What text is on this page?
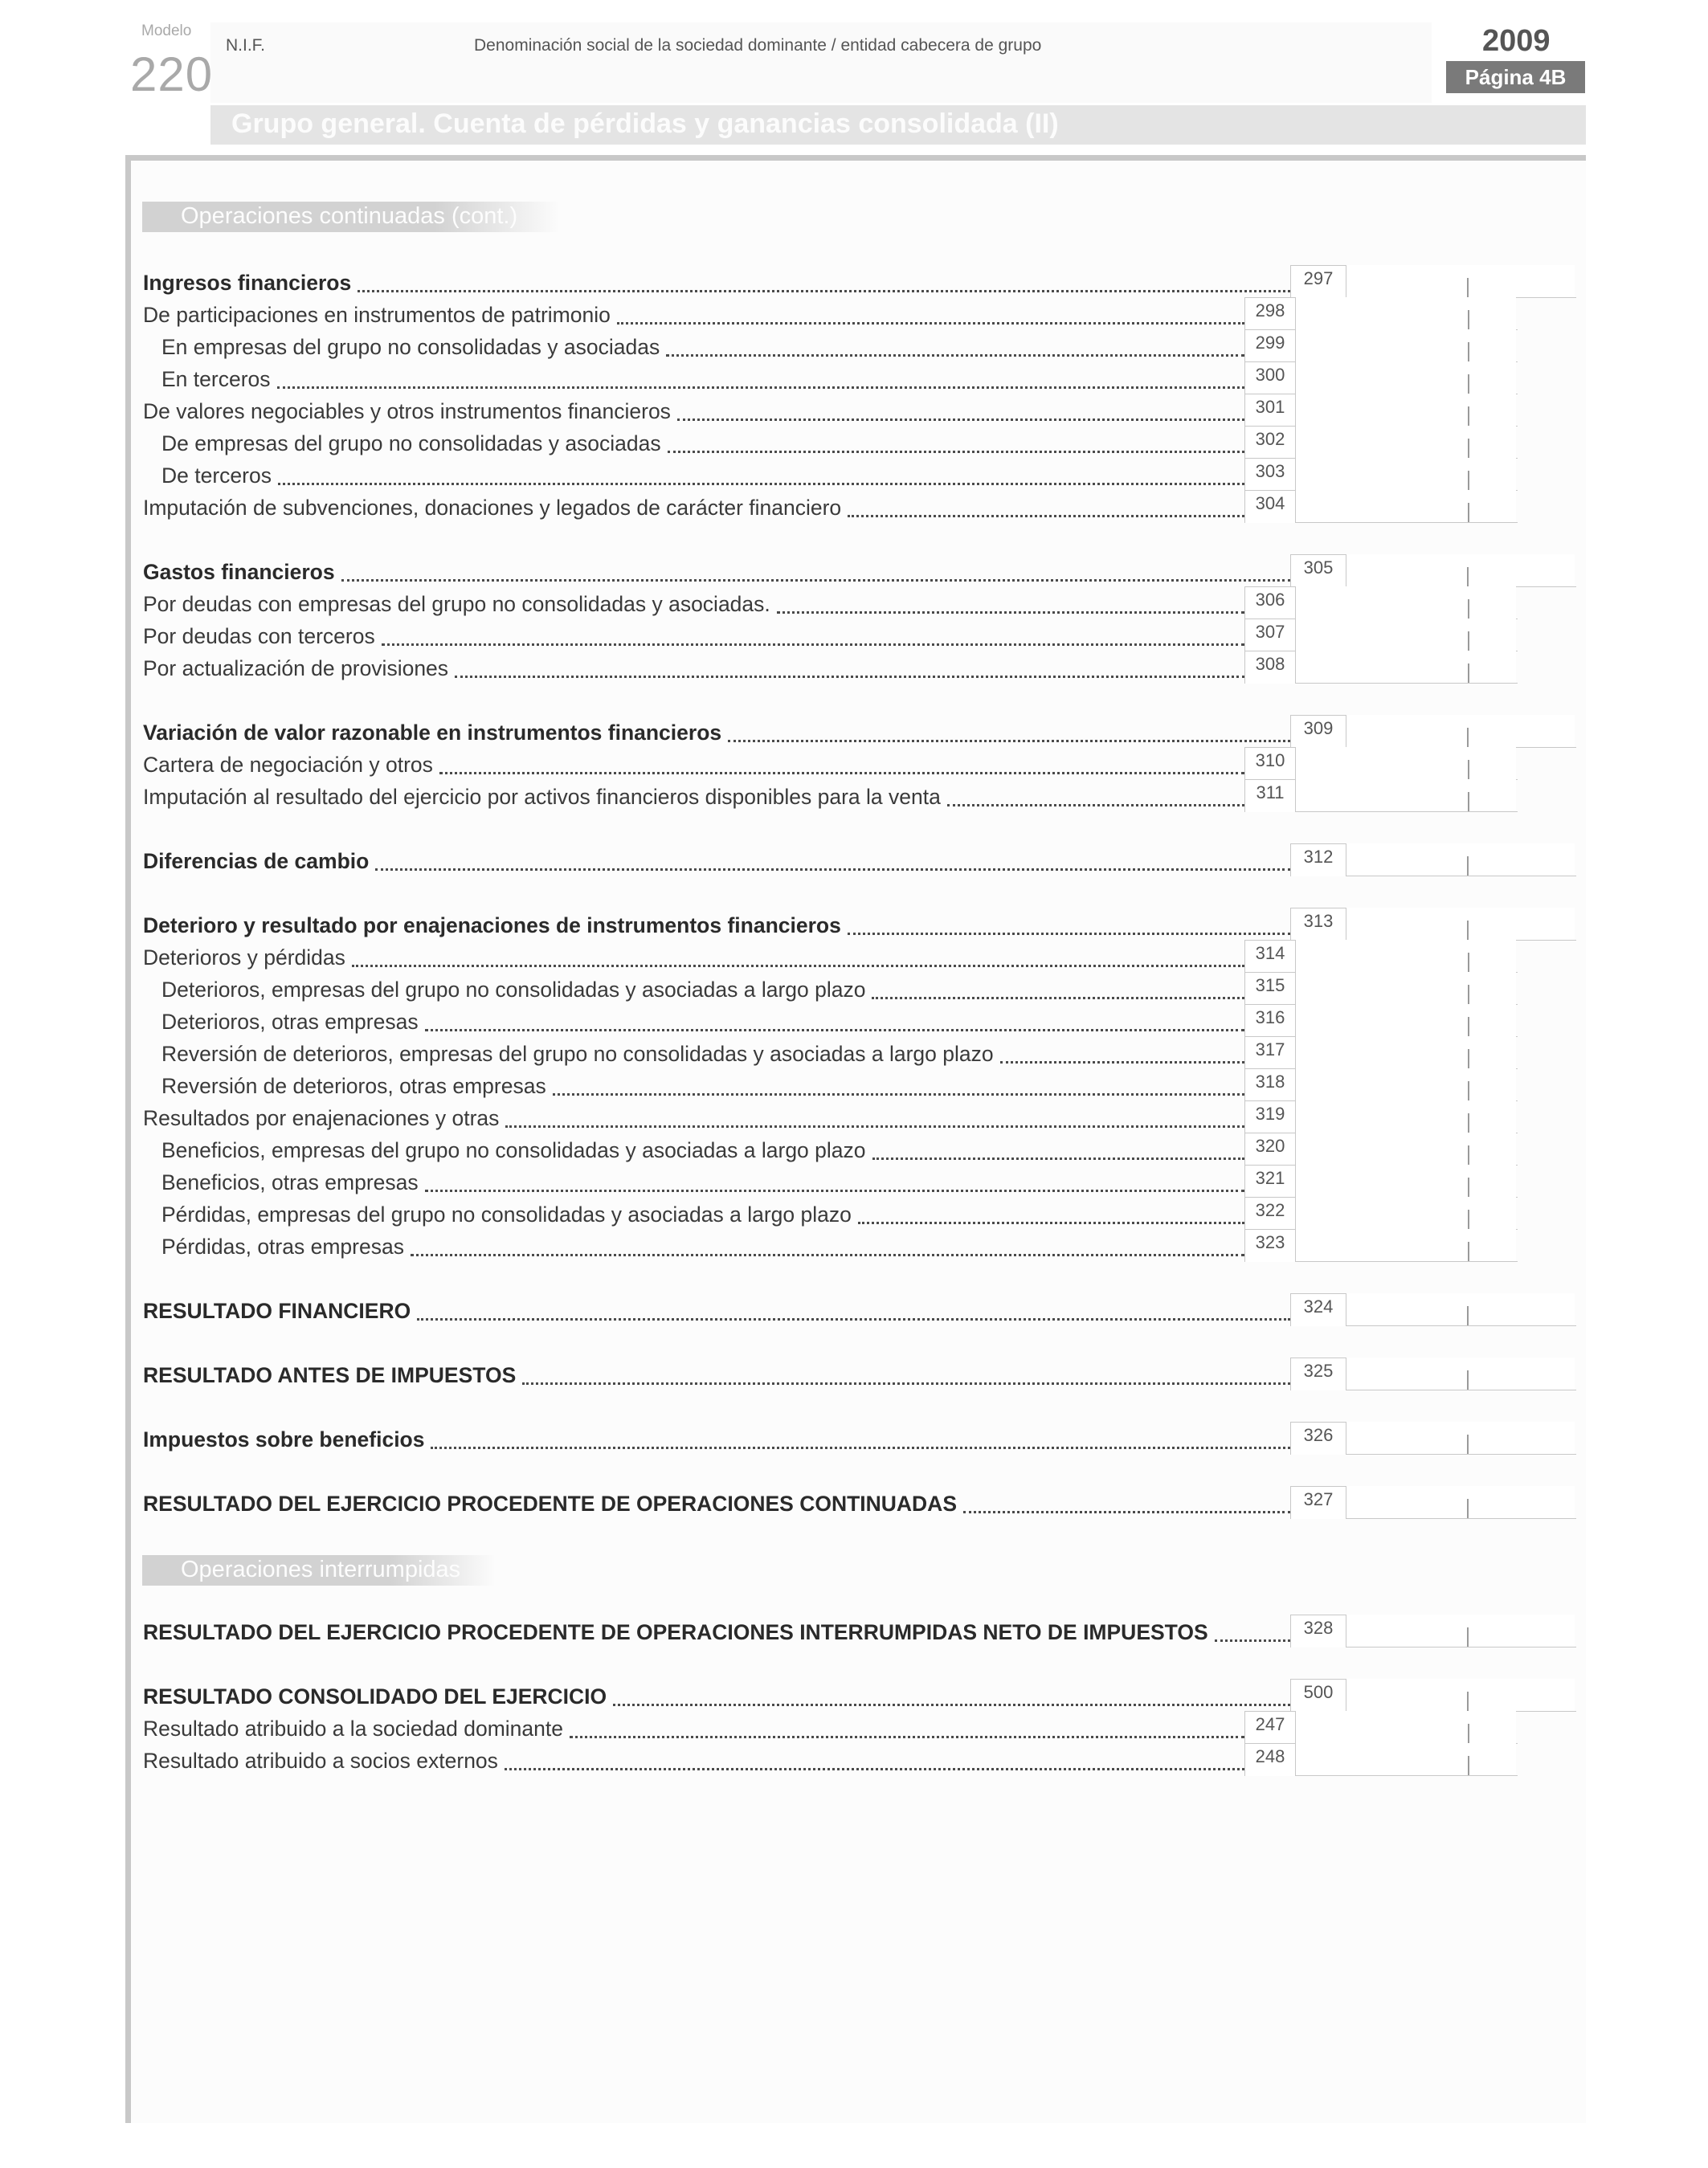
Modelo
220
N.I.F.	Denominación social de la sociedad dominante / entidad cabecera de grupo	2009
Página 4B
Grupo general. Cuenta de pérdidas y ganancias consolidada (II)
Operaciones continuadas (cont.)
Operaciones interrumpidas
Ingresos financieros	297
De participaciones en instrumentos de patrimonio	298
En empresas del grupo no consolidadas y asociadas	299
En terceros	300
De valores negociables y otros instrumentos financieros	301
De empresas del grupo no consolidadas y asociadas	302
De terceros	303
Imputación de subvenciones, donaciones y legados de carácter financiero	304
Gastos financieros	305
Por deudas con empresas del grupo no consolidadas y asociadas.	306
Por deudas con terceros	307
Por actualización de provisiones	308
Variación de valor razonable en instrumentos financieros	309
Cartera de negociación y otros	310
Imputación al resultado del ejercicio por activos financieros disponibles para la venta	311
Diferencias de cambio	312
Deterioro y resultado por enajenaciones de instrumentos financieros	313
Deterioros y pérdidas	314
Deterioros, empresas del grupo no consolidadas y asociadas a largo plazo	315
Deterioros, otras empresas	316
Reversión de deterioros, empresas del grupo no consolidadas y asociadas a largo plazo	317
Reversión de deterioros, otras empresas	318
Resultados por enajenaciones y otras	319
Beneficios, empresas del grupo no consolidadas y asociadas a largo plazo	320
Beneficios, otras empresas	321
Pérdidas, empresas del grupo no consolidadas y asociadas a largo plazo	322
Pérdidas, otras empresas	323
RESULTADO FINANCIERO	324
RESULTADO ANTES DE IMPUESTOS	325
Impuestos sobre beneficios	326
RESULTADO DEL EJERCICIO PROCEDENTE DE OPERACIONES CONTINUADAS	327
RESULTADO DEL EJERCICIO PROCEDENTE DE OPERACIONES INTERRUMPIDAS NETO DE IMPUESTOS	328
RESULTADO CONSOLIDADO DEL EJERCICIO	500
Resultado atribuido a la sociedad dominante	247
Resultado atribuido a socios externos	248
